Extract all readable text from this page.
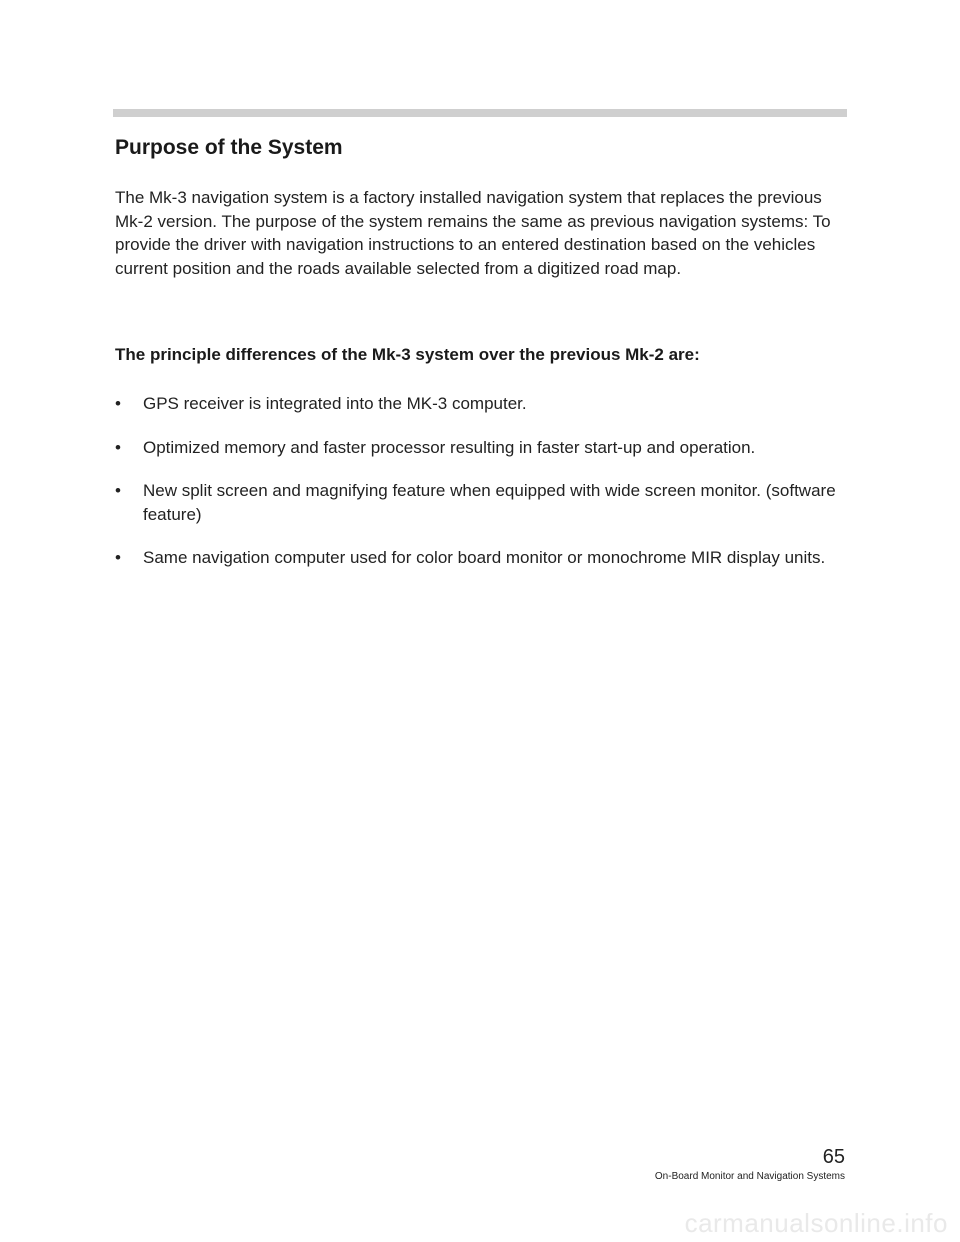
Purpose of the System

The Mk-3 navigation system is a factory installed navigation system that replaces the previous Mk-2 version. The purpose of the system remains the same as previous navigation systems: To provide the driver with navigation instructions to an entered destination based on the vehicles current position and the roads available selected from a digitized road map.

The principle differences of the Mk-3 system over the previous Mk-2 are:
•	GPS receiver is integrated into the MK-3 computer.
•	Optimized memory and faster processor resulting in faster start-up and operation.
•	New split screen and magnifying feature when equipped with wide screen monitor. (software feature)
•	Same navigation computer used for color board monitor or monochrome MIR display units.
65
On-Board Monitor and Navigation Systems
carmanualsonline.info
